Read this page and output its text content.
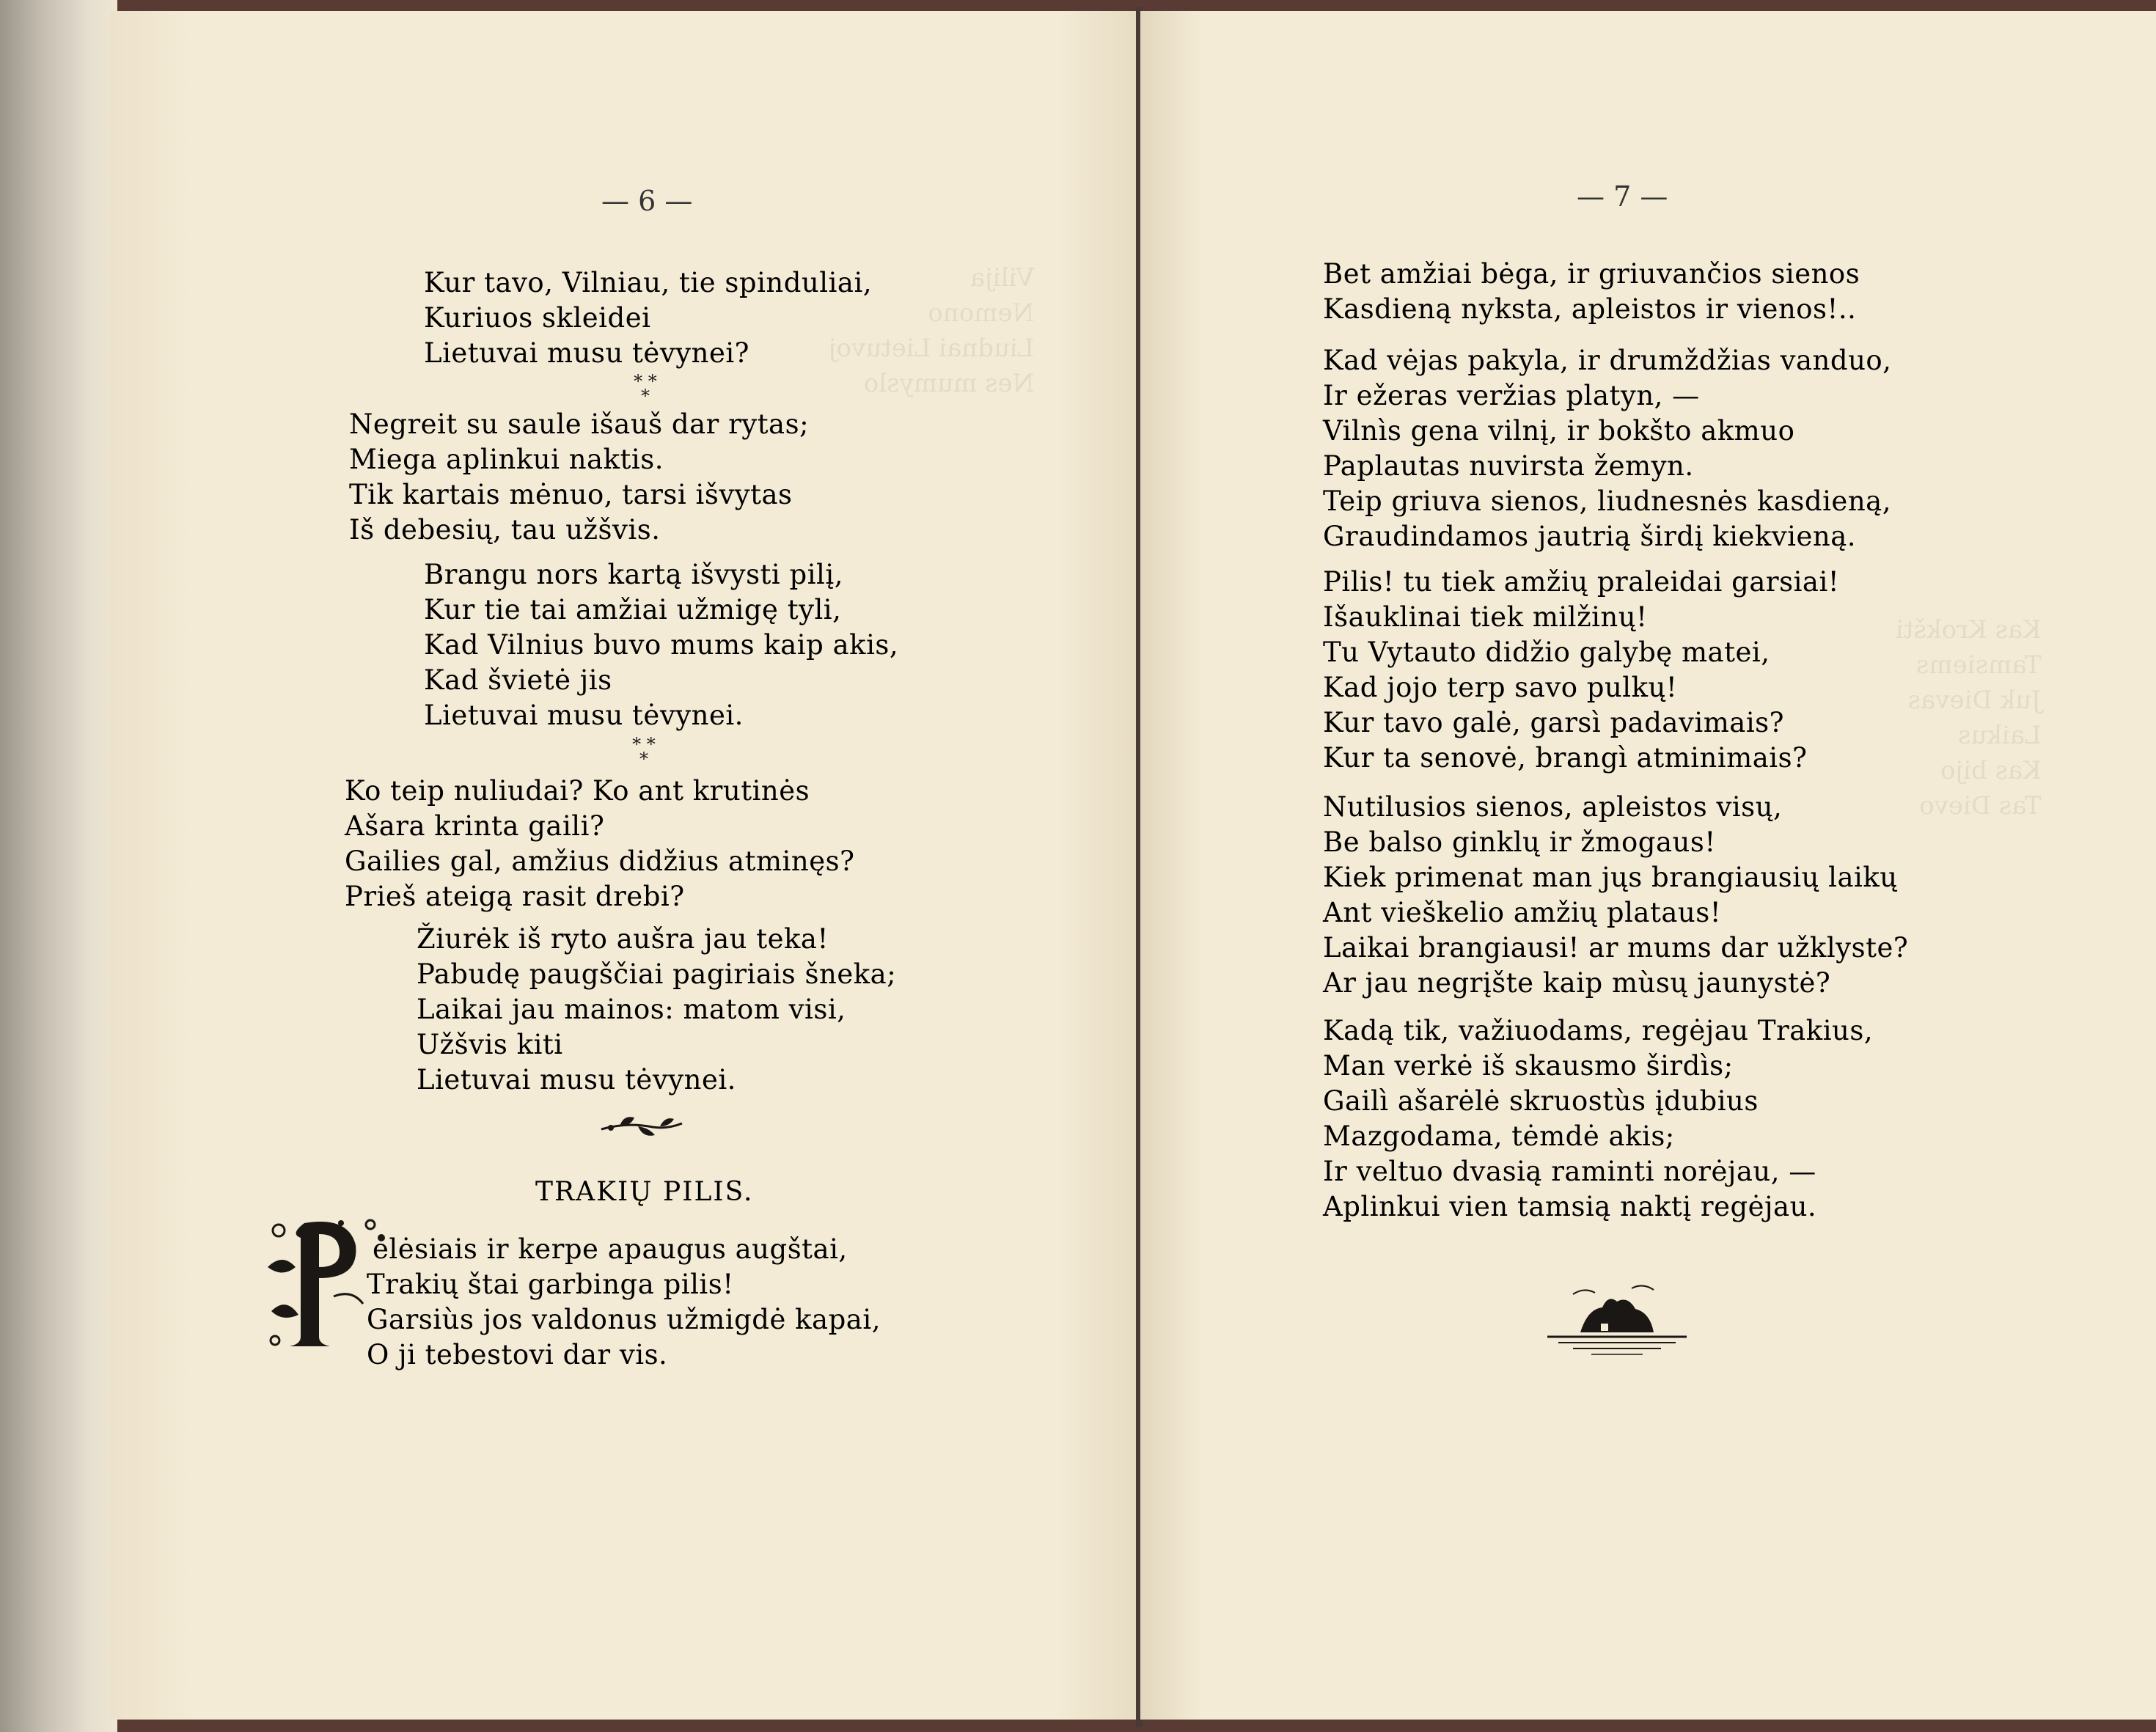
Vilija
Nemono
Liudnai Lietuvoj
Nes mumyslo
— 6 —
Kur tavo, Vilniau, tie spinduliai,
Kuriuos skleidei
Lietuvai musu tėvynei?
* *
*
Negreit su saule išauš dar rytas;
Miega aplinkui naktis.
Tik kartais mėnuo, tarsi išvytas
Iš debesių, tau užšvis.
Brangu nors kartą išvysti pilį,
Kur tie tai amžiai užmigę tyli,
Kad Vilnius buvo mums kaip akis,
Kad švietė jis
Lietuvai musu tėvynei.
* *
*
Ko teip nuliudai? Ko ant krutinės
Ašara krinta gaili?
Gailies gal, amžius didžius atminęs?
Prieš ateigą rasit drebi?
Žiurėk iš ryto aušra jau teka!
Pabudę paugščiai pagiriais šneka;
Laikai jau mainos: matom visi,
Užšvis kiti
Lietuvai musu tėvynei.
TRAKIŲ PILIS.
P elėsiais ir kerpe apaugus augštai,
Trakių štai garbinga pilis!
Garsiùs jos valdonus užmigdė kapai,
O ji tebestovi dar vis.
Kas Krokšti
Tamsiems
Juk Dievas
Laikus
Kas bijo
Tas Dievo
— 7 —
Bet amžiai bėga, ir griuvančios sienos
Kasdieną nyksta, apleistos ir vienos!..
Kad vėjas pakyla, ir drumždžias vanduo,
Ir ežeras veržias platyn, —
Vilnìs gena vilnį, ir bokšto akmuo
Paplautas nuvirsta žemyn.
Teip griuva sienos, liudnesnės kasdieną,
Graudindamos jautrią širdį kiekvieną.
Pilis! tu tiek amžių praleidai garsiai!
Išauklinai tiek milžinų!
Tu Vytauto didžio galybę matei,
Kad jojo terp savo pulkų!
Kur tavo galė, garsì padavimais?
Kur ta senovė, brangì atminimais?
Nutilusios sienos, apleistos visų,
Be balso ginklų ir žmogaus!
Kiek primenat man jųs brangiausių laikų
Ant vieškelio amžių plataus!
Laikai brangiausi! ar mums dar užklyste?
Ar jau negrįšte kaip mùsų jaunystė?
Kadą tik, važiuodams, regėjau Trakius,
Man verkė iš skausmo širdìs;
Gailì ašarėlė skruostùs įdubius
Mazgodama, tėmdė akis;
Ir veltuo dvasią raminti norėjau, —
Aplinkui vien tamsią naktį regėjau.
